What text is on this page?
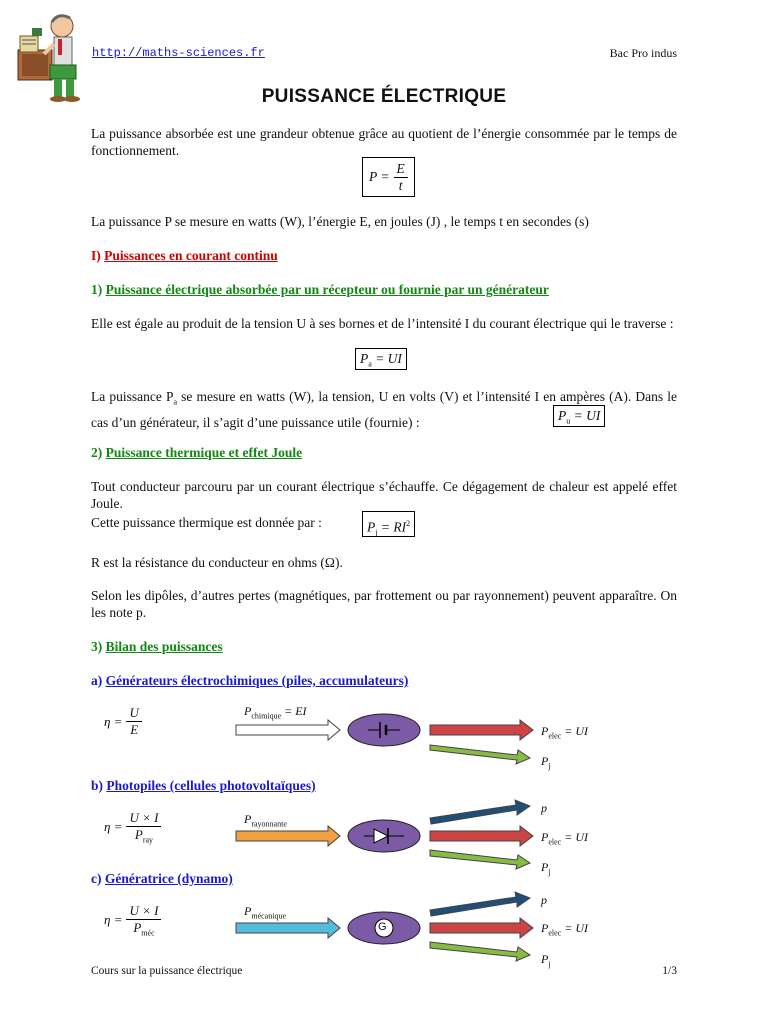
http://maths-sciences.fr	Bac Pro indus
PUISSANCE ÉLECTRIQUE
La puissance absorbée est une grandeur obtenue grâce au quotient de l’énergie consommée par le temps de fonctionnement.
$P = \frac{E}{t}$
La puissance P se mesure en watts (W), l’énergie E, en joules (J) , le temps t en secondes (s)
I) Puissances en courant continu
1) Puissance électrique absorbée par un récepteur ou fournie par un générateur
Elle est égale au produit de la tension U à ses bornes et de l’intensité I du courant électrique qui le traverse :
$P_a$ = UI
La puissance $P_a$ se mesure en watts (W), la tension, U en volts (V) et l’intensité I en ampères (A). Dans le cas d’un générateur, il s’agit d’une puissance utile (fournie) :	$P_u$ = UI
2) Puissance thermique et effet Joule
Tout conducteur parcouru par un courant électrique s’échauffe. Ce dégagement de chaleur est appelé effet Joule.
Cette puissance thermique est donnée par :	$P_j = RI^2$
R est la résistance du conducteur en ohms (Ω).
Selon les dipôles, d’autres pertes (magnétiques, par frottement ou par rayonnement) peuvent apparaître. On les note p.
3) Bilan des puissances
a) Générateurs électrochimiques (piles, accumulateurs)
$\eta = \frac{U}{E}$	$P_{chimique}$ = EI
$P_{elec}$ = UI
$P_j$
b) Photopiles (cellules photovoltaïques)
$\eta = \frac{U \times I}{P_{ray}}$	$P_{rayonnante}$
p
$P_{elec}$ = UI
$P_j$
c) Génératrice (dynamo)
$\eta = \frac{U \times I}{P_{méc}}$	$P_{mécanique}$
G
p
$P_{elec}$ = UI
$P_j$
Cours sur la puissance électrique	1/3
